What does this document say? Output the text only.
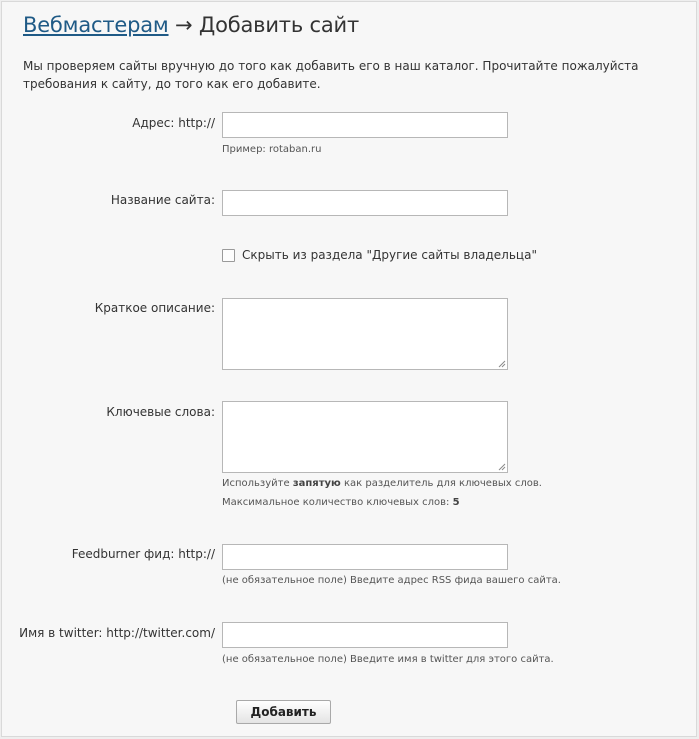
Вебмастерам → Добавить сайт
Мы проверяем сайты вручную до того как добавить его в наш каталог. Прочитайте пожалуйста требования к сайту, до того как его добавите.
Адрес: http://
Пример: rotaban.ru
Название сайта:
Скрыть из раздела "Другие сайты владельца"
Краткое описание:
Ключевые слова:
Используйте запятую как разделитель для ключевых слов.
Максимальное количество ключевых слов: 5
Feedburner фид: http://
(не обязательное поле) Введите адрес RSS фида вашего сайта.
Имя в twitter: http://twitter.com/
(не обязательное поле) Введите имя в twitter для этого сайта.
Добавить
